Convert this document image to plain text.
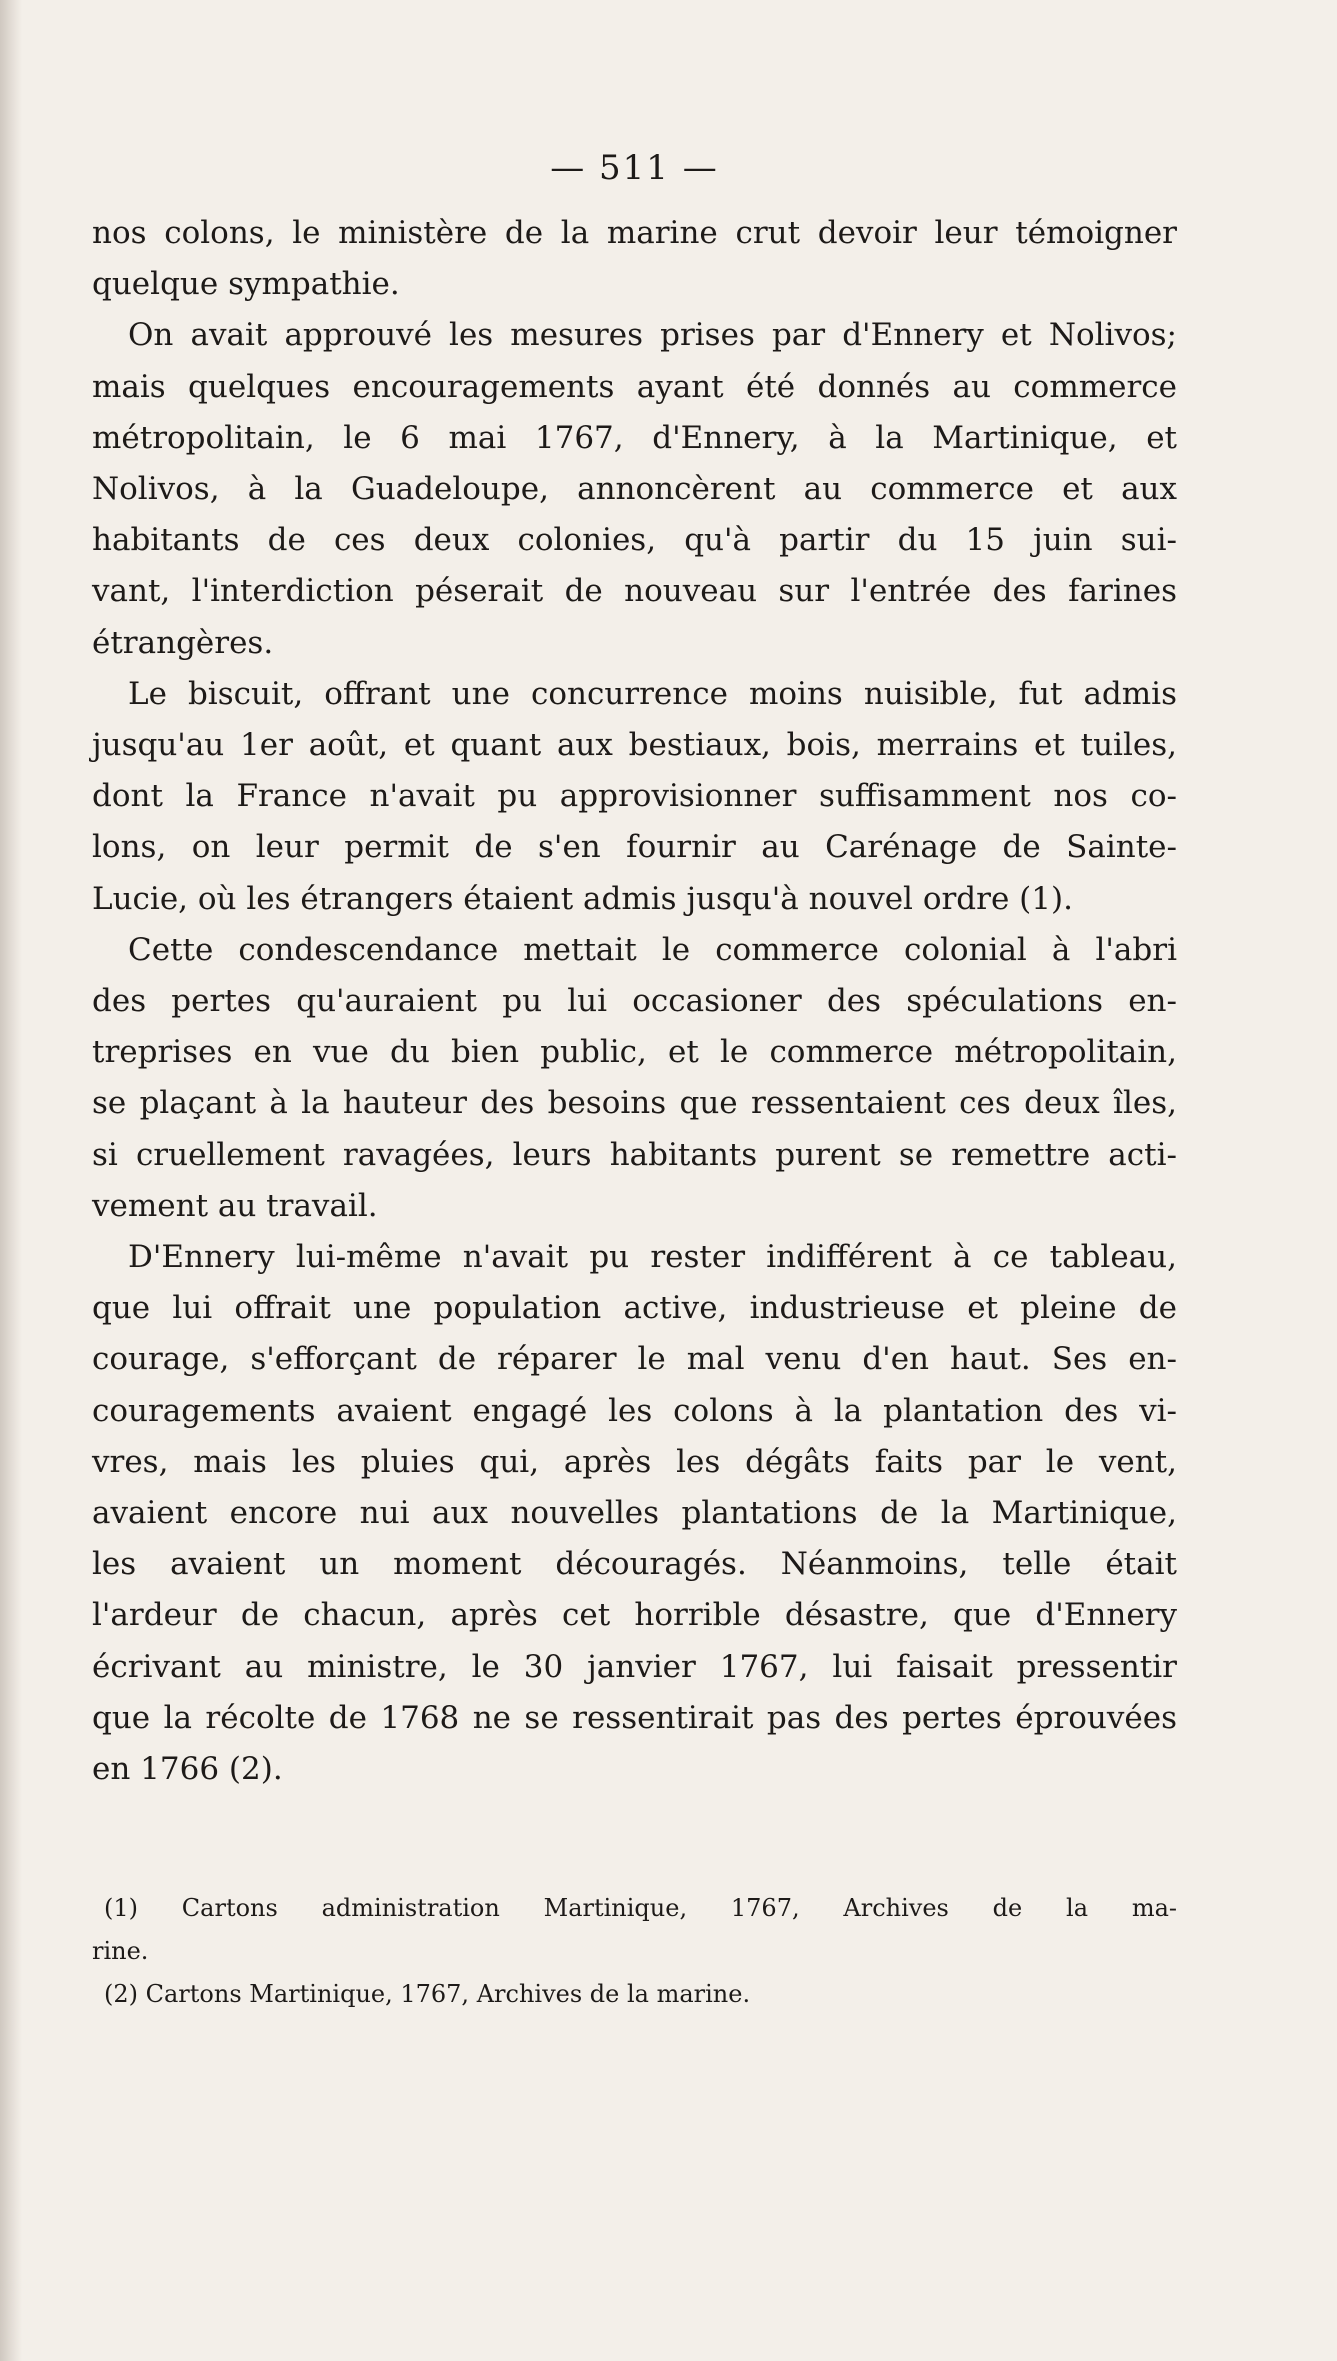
— 511 —
nos colons, le ministère de la marine crut devoir leur témoigner
quelque sympathie.
On avait approuvé les mesures prises par d'Ennery et Nolivos;
mais quelques encouragements ayant été donnés au commerce
métropolitain, le 6 mai 1767, d'Ennery, à la Martinique, et
Nolivos, à la Guadeloupe, annoncèrent au commerce et aux
habitants de ces deux colonies, qu'à partir du 15 juin sui-
vant, l'interdiction péserait de nouveau sur l'entrée des farines
étrangères.
Le biscuit, offrant une concurrence moins nuisible, fut admis
jusqu'au 1er août, et quant aux bestiaux, bois, merrains et tuiles,
dont la France n'avait pu approvisionner suffisamment nos co-
lons, on leur permit de s'en fournir au Carénage de Sainte-
Lucie, où les étrangers étaient admis jusqu'à nouvel ordre (1).
Cette condescendance mettait le commerce colonial à l'abri
des pertes qu'auraient pu lui occasioner des spéculations en-
treprises en vue du bien public, et le commerce métropolitain,
se plaçant à la hauteur des besoins que ressentaient ces deux îles,
si cruellement ravagées, leurs habitants purent se remettre acti-
vement au travail.
D'Ennery lui-même n'avait pu rester indifférent à ce tableau,
que lui offrait une population active, industrieuse et pleine de
courage, s'efforçant de réparer le mal venu d'en haut. Ses en-
couragements avaient engagé les colons à la plantation des vi-
vres, mais les pluies qui, après les dégâts faits par le vent,
avaient encore nui aux nouvelles plantations de la Martinique,
les avaient un moment découragés. Néanmoins, telle était
l'ardeur de chacun, après cet horrible désastre, que d'Ennery
écrivant au ministre, le 30 janvier 1767, lui faisait pressentir
que la récolte de 1768 ne se ressentirait pas des pertes éprouvées
en 1766 (2).
(1) Cartons administration Martinique, 1767, Archives de la ma-
rine.
(2) Cartons Martinique, 1767, Archives de la marine.
